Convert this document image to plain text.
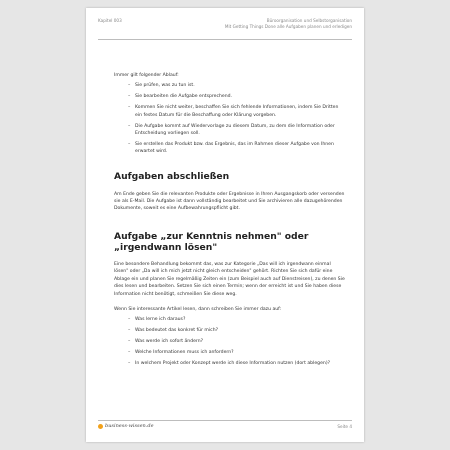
Kapitel 003	Büroorganisation und Selbstorganisation
Mit Getting Things Done alle Aufgaben planen und erledigen

Immer gilt folgender Ablauf:

– Sie prüfen, was zu tun ist.
– Sie bearbeiten die Aufgabe entsprechend.
– Kommen Sie nicht weiter, beschaffen Sie sich fehlende Informationen, indem Sie Dritten ein festes Datum für die Beschaffung oder Klärung vorgeben.
– Die Aufgabe kommt auf Wiedervorlage zu diesem Datum, zu dem die Information oder Entscheidung vorliegen soll.
– Sie erstellen das Produkt bzw. das Ergebnis, das im Rahmen dieser Aufgabe von Ihnen erwartet wird.
Aufgaben abschließen

Am Ende geben Sie die relevanten Produkte oder Ergebnisse in Ihren Ausgangskorb oder versenden sie als E-Mail. Die Aufgabe ist dann vollständig bearbeitet und Sie archivieren alle dazugehörenden Dokumente, soweit es eine Aufbewahrungspflicht gibt.

Aufgabe „zur Kenntnis nehmen" oder „irgendwann lösen"

Eine besondere Behandlung bekommt das, was zur Kategorie „Das will ich irgendwann einmal lösen" oder „Da will ich mich jetzt nicht gleich entscheiden" gehört. Richten Sie sich dafür eine Ablage ein und planen Sie regelmäßig Zeiten ein (zum Beispiel auch auf Dienstreisen), zu denen Sie dies lesen und bearbeiten. Setzen Sie sich einen Termin; wenn der erreicht ist und Sie haben diese Information nicht benötigt, schmeißen Sie diese weg.

Wenn Sie interessante Artikel lesen, dann schreiben Sie immer dazu auf:

– Was lerne ich daraus?
– Was bedeutet das konkret für mich?
– Was werde ich sofort ändern?
– Welche Informationen muss ich anfordern?
– In welchem Projekt oder Konzept werde ich diese Information nutzen (dort ablegen)?
business-wissen.de	Seite 4
